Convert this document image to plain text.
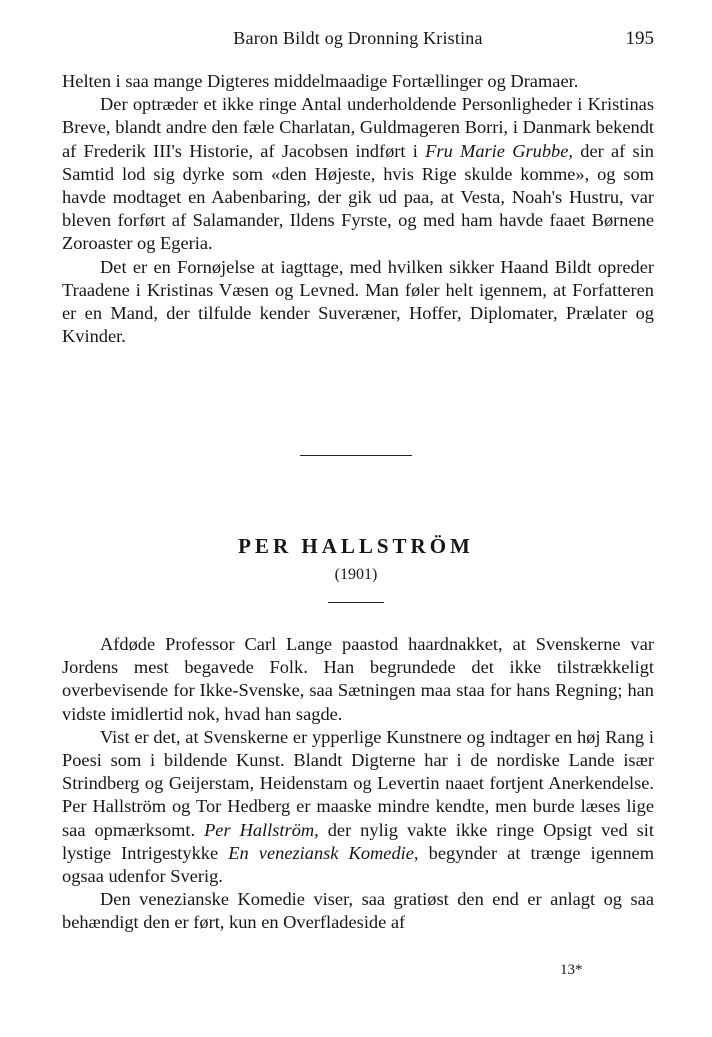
Baron Bildt og Dronning Kristina	195

Helten i saa mange Digteres middelmaadige Fortællinger og Dramaer.

Der optræder et ikke ringe Antal underholdende Personligheder i Kristinas Breve, blandt andre den fæle Charlatan, Guldmageren Borri, i Danmark bekendt af Frederik III's Historie, af Jacobsen indført i Fru Marie Grubbe, der af sin Samtid lod sig dyrke som «den Højeste, hvis Rige skulde komme», og som havde modtaget en Aabenbaring, der gik ud paa, at Vesta, Noah's Hustru, var bleven forført af Salamander, Ildens Fyrste, og med ham havde faaet Børnene Zoroaster og Egeria.

Det er en Fornøjelse at iagttage, med hvilken sikker Haand Bildt opreder Traadene i Kristinas Væsen og Levned. Man føler helt igennem, at Forfatteren er en Mand, der tilfulde kender Suveræner, Hoffer, Diplomater, Prælater og Kvinder.

PER HALLSTRÖM
(1901)

Afdøde Professor Carl Lange paastod haardnakket, at Svenskerne var Jordens mest begavede Folk. Han begrundede det ikke tilstrækkeligt overbevisende for Ikke-Svenske, saa Sætningen maa staa for hans Regning; han vidste imidlertid nok, hvad han sagde.

Vist er det, at Svenskerne er ypperlige Kunstnere og indtager en høj Rang i Poesi som i bildende Kunst. Blandt Digterne har i de nordiske Lande især Strindberg og Geijerstam, Heidenstam og Levertin naaet fortjent Anerkendelse. Per Hallström og Tor Hedberg er maaske mindre kendte, men burde læses lige saa opmærksomt. Per Hallström, der nylig vakte ikke ringe Opsigt ved sit lystige Intrigestykke En veneziansk Komedie, begynder at trænge igennem ogsaa udenfor Sverig.

Den venezianske Komedie viser, saa gratiøst den end er anlagt og saa behændigt den er ført, kun en Overfladeside af

13*
